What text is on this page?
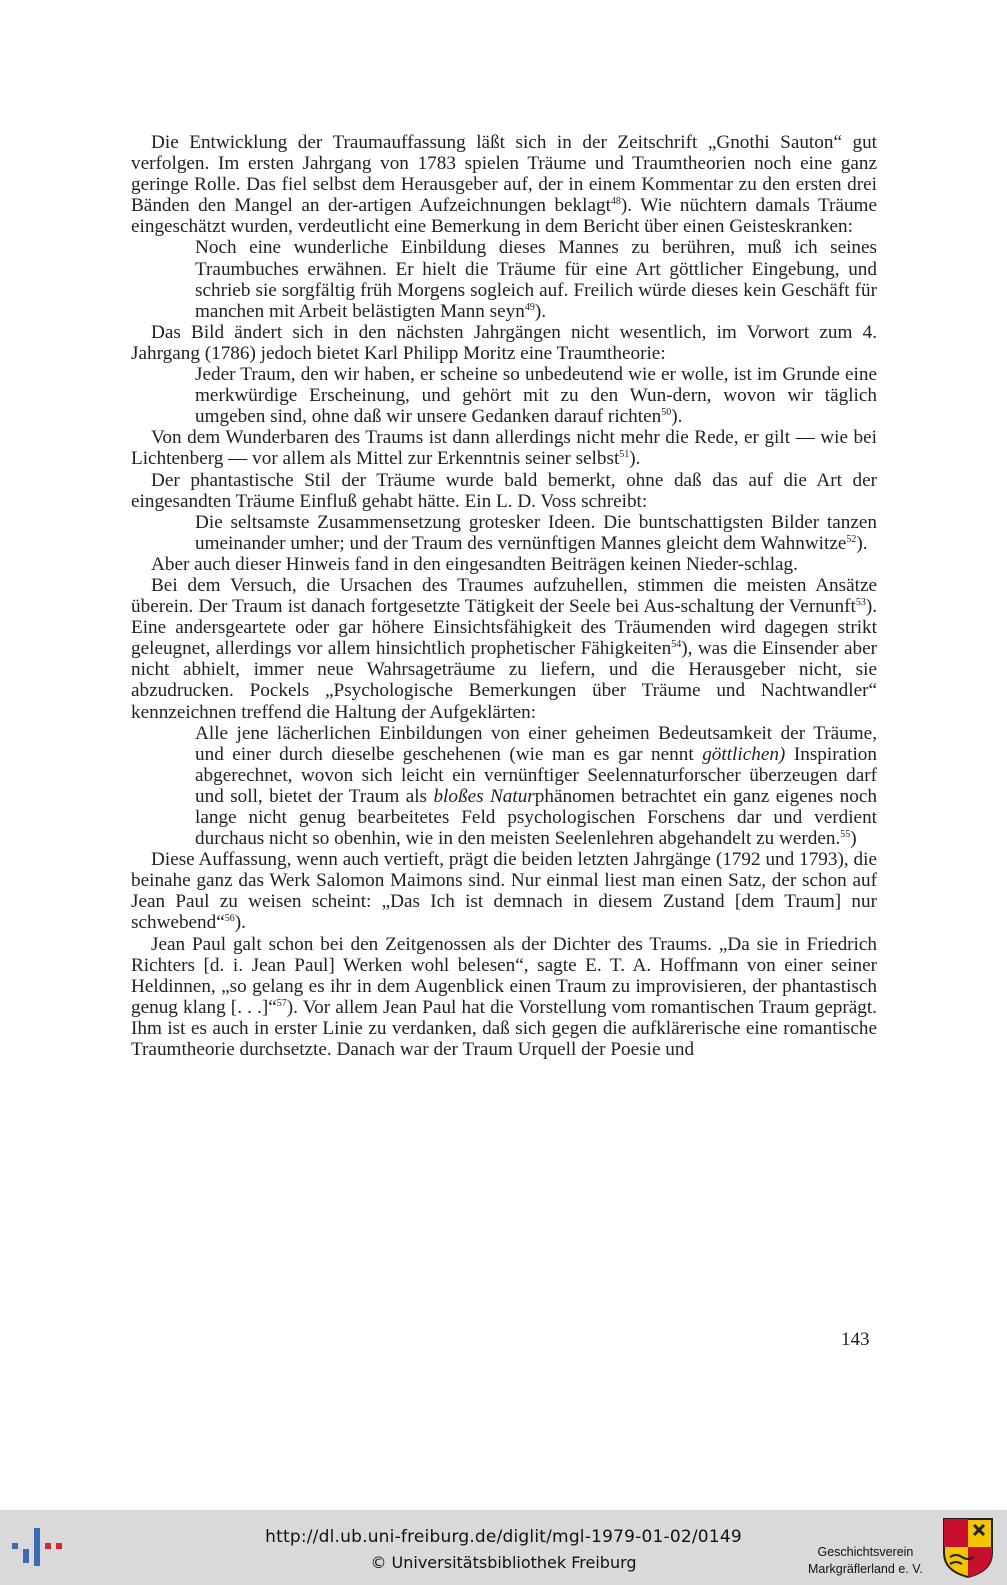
Die Entwicklung der Traumauffassung läßt sich in der Zeitschrift „Gnothi Sauton“ gut verfolgen. Im ersten Jahrgang von 1783 spielen Träume und Traumtheorien noch eine ganz geringe Rolle. Das fiel selbst dem Herausgeber auf, der in einem Kommentar zu den ersten drei Bänden den Mangel an der-artigen Aufzeichnungen beklagt$^{48}$). Wie nüchtern damals Träume eingeschätzt wurden, verdeutlicht eine Bemerkung in dem Bericht über einen Geisteskranken:

Noch eine wunderliche Einbildung dieses Mannes zu berühren, muß ich seines Traumbuches erwähnen. Er hielt die Träume für eine Art göttlicher Eingebung, und schrieb sie sorgfältig früh Morgens sogleich auf. Freilich würde dieses kein Geschäft für manchen mit Arbeit belästigten Mann seyn$^{49}$).

Das Bild ändert sich in den nächsten Jahrgängen nicht wesentlich, im Vorwort zum 4. Jahrgang (1786) jedoch bietet Karl Philipp Moritz eine Traumtheorie:

Jeder Traum, den wir haben, er scheine so unbedeutend wie er wolle, ist im Grunde eine merkwürdige Erscheinung, und gehört mit zu den Wun-dern, wovon wir täglich umgeben sind, ohne daß wir unsere Gedanken darauf richten$^{50}$).

Von dem Wunderbaren des Traums ist dann allerdings nicht mehr die Rede, er gilt — wie bei Lichtenberg — vor allem als Mittel zur Erkenntnis seiner selbst$^{51}$).

Der phantastische Stil der Träume wurde bald bemerkt, ohne daß das auf die Art der eingesandten Träume Einfluß gehabt hätte. Ein L. D. Voss schreibt:

Die seltsamste Zusammensetzung grotesker Ideen. Die buntschattigsten Bilder tanzen umeinander umher; und der Traum des vernünftigen Mannes gleicht dem Wahnwitze$^{52}$).

Aber auch dieser Hinweis fand in den eingesandten Beiträgen keinen Nieder-schlag.

Bei dem Versuch, die Ursachen des Traumes aufzuhellen, stimmen die meisten Ansätze überein. Der Traum ist danach fortgesetzte Tätigkeit der Seele bei Aus-schaltung der Vernunft$^{53}$). Eine andersgeartete oder gar höhere Einsichtsfähigkeit des Träumenden wird dagegen strikt geleugnet, allerdings vor allem hinsichtlich prophetischer Fähigkeiten$^{54}$), was die Einsender aber nicht abhielt, immer neue Wahrsageträume zu liefern, und die Herausgeber nicht, sie abzudrucken. Pockels „Psychologische Bemerkungen über Träume und Nachtwandler“ kennzeichnen treffend die Haltung der Aufgeklärten:

Alle jene lächerlichen Einbildungen von einer geheimen Bedeutsamkeit der Träume, und einer durch dieselbe geschehenen (wie man es gar nennt göttlichen) Inspiration abgerechnet, wovon sich leicht ein vernünftiger Seelennaturforscher überzeugen darf und soll, bietet der Traum als bloßes Naturphänomen betrachtet ein ganz eigenes noch lange nicht genug bearbeitetes Feld psychologischen Forschens dar und verdient durchaus nicht so obenhin, wie in den meisten Seelenlehren abgehandelt zu werden.$^{55}$)

Diese Auffassung, wenn auch vertieft, prägt die beiden letzten Jahrgänge (1792 und 1793), die beinahe ganz das Werk Salomon Maimons sind. Nur einmal liest man einen Satz, der schon auf Jean Paul zu weisen scheint: „Das Ich ist demnach in diesem Zustand [dem Traum] nur schwebend“$^{56}$).

Jean Paul galt schon bei den Zeitgenossen als der Dichter des Traums. „Da sie in Friedrich Richters [d. i. Jean Paul] Werken wohl belesen“, sagte E. T. A. Hoffmann von einer seiner Heldinnen, „so gelang es ihr in dem Augenblick einen Traum zu improvisieren, der phantastisch genug klang [. . .]“$^{57}$). Vor allem Jean Paul hat die Vorstellung vom romantischen Traum geprägt. Ihm ist es auch in erster Linie zu verdanken, daß sich gegen die aufklärerische eine romantische Traumtheorie durchsetzte. Danach war der Traum Urquell der Poesie und

143
http://dl.ub.uni-freiburg.de/diglit/mgl-1979-01-02/0149
© Universitätsbibliothek Freiburg
Geschichtsverein
Markgräflerland e. V.
